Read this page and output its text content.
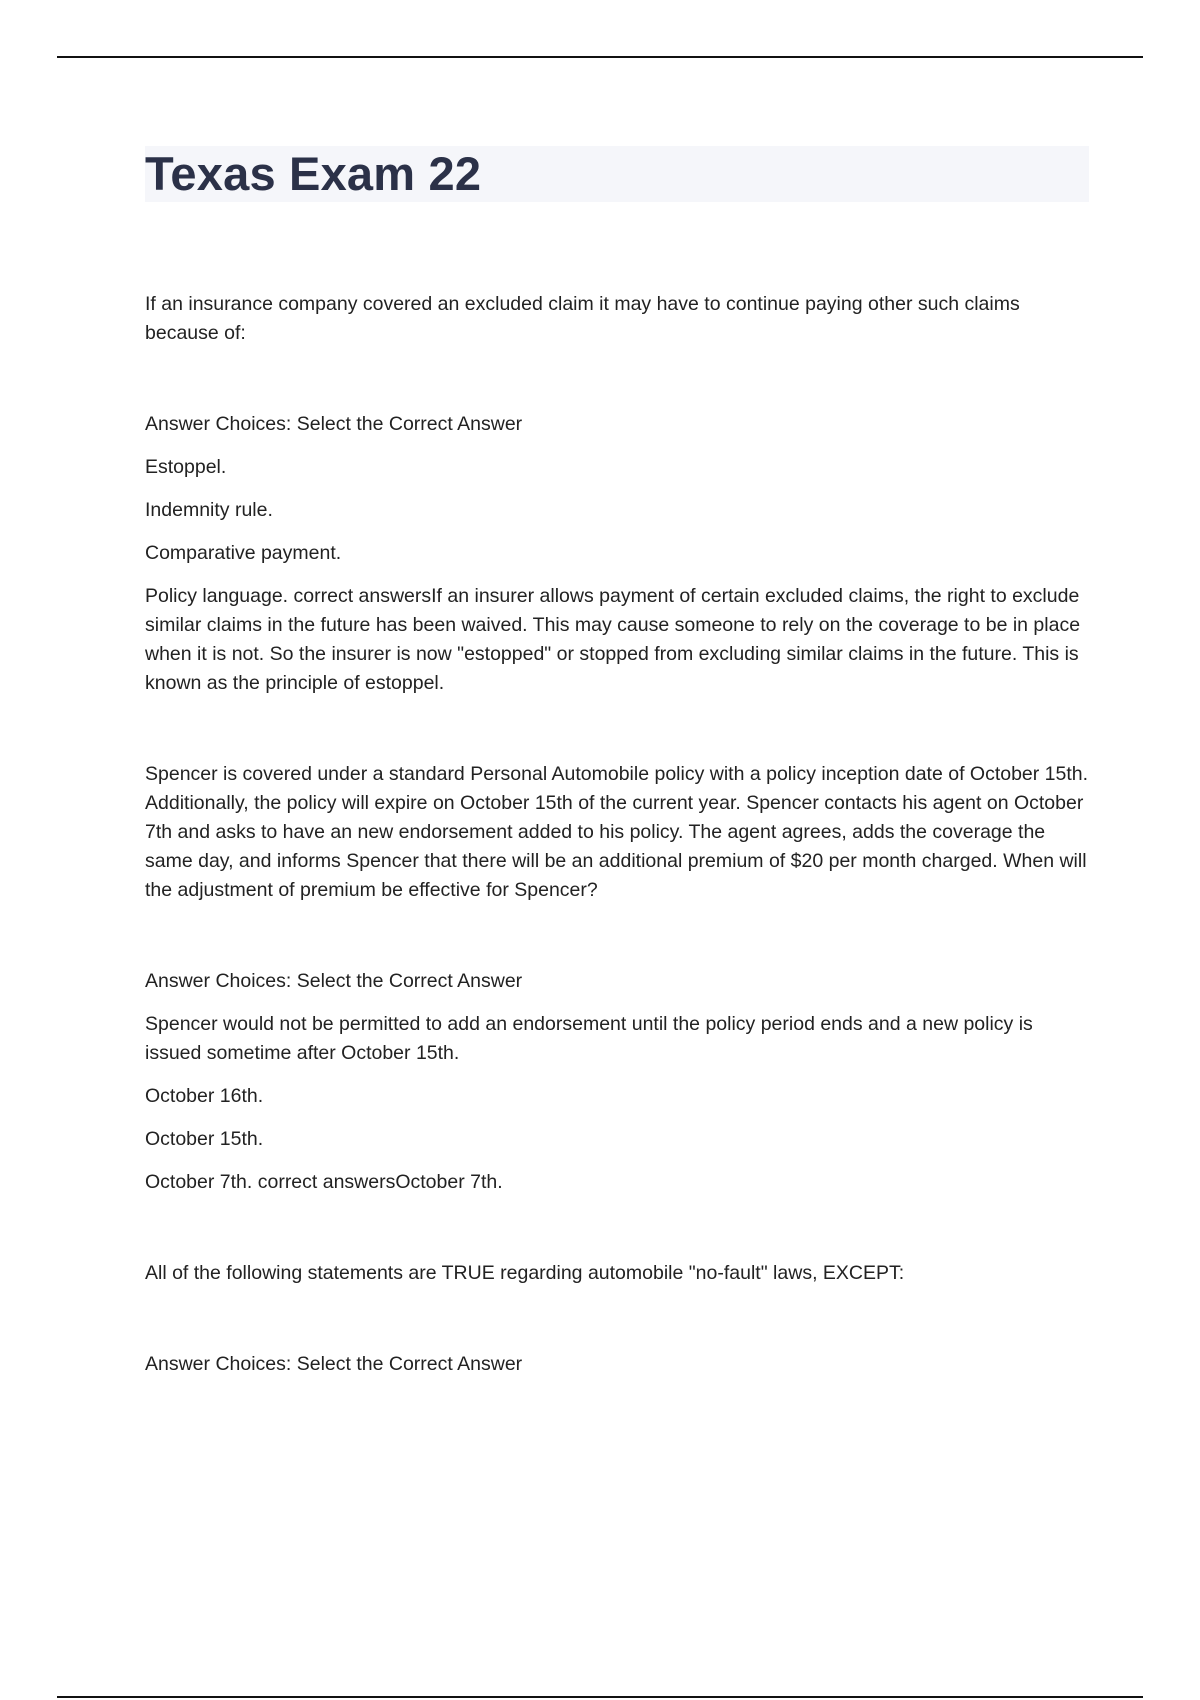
Texas Exam 22

If an insurance company covered an excluded claim it may have to continue paying other such claims because of:

Answer Choices: Select the Correct Answer

Estoppel.

Indemnity rule.

Comparative payment.

Policy language. correct answersIf an insurer allows payment of certain excluded claims, the right to exclude similar claims in the future has been waived. This may cause someone to rely on the coverage to be in place when it is not. So the insurer is now "estopped" or stopped from excluding similar claims in the future. This is known as the principle of estoppel.

Spencer is covered under a standard Personal Automobile policy with a policy inception date of October 15th. Additionally, the policy will expire on October 15th of the current year. Spencer contacts his agent on October 7th and asks to have an new endorsement added to his policy. The agent agrees, adds the coverage the same day, and informs Spencer that there will be an additional premium of $20 per month charged. When will the adjustment of premium be effective for Spencer?

Answer Choices: Select the Correct Answer

Spencer would not be permitted to add an endorsement until the policy period ends and a new policy is issued sometime after October 15th.

October 16th.

October 15th.

October 7th. correct answersOctober 7th.

All of the following statements are TRUE regarding automobile "no-fault" laws, EXCEPT:

Answer Choices: Select the Correct Answer
